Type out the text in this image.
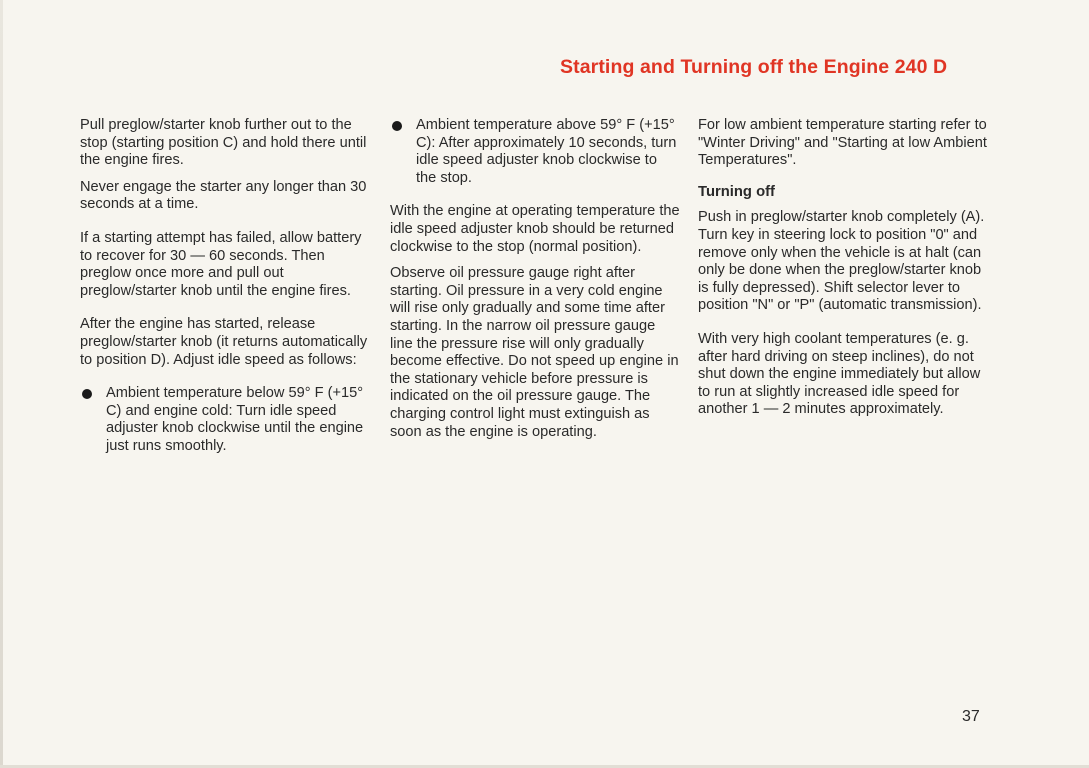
Starting and Turning off the Engine 240 D

Pull preglow/starter knob further out to the stop (starting position C) and hold there until the engine fires.

Never engage the starter any longer than 30 seconds at a time.

If a starting attempt has failed, allow battery to recover for 30 — 60 seconds. Then preglow once more and pull out preglow/starter knob until the engine fires.

After the engine has started, release preglow/starter knob (it returns automatically to position D). Adjust idle speed as follows:

Ambient temperature below 59° F (+15° C) and engine cold: Turn idle speed adjuster knob clockwise until the engine just runs smoothly.
Ambient temperature above 59° F (+15° C): After approximately 10 seconds, turn idle speed adjuster knob clockwise to the stop.

With the engine at operating temperature the idle speed adjuster knob should be returned clockwise to the stop (normal position).

Observe oil pressure gauge right after starting. Oil pressure in a very cold engine will rise only gradually and some time after starting. In the narrow oil pressure gauge line the pressure rise will only gradually become effective. Do not speed up engine in the stationary vehicle before pressure is indicated on the oil pressure gauge. The charging control light must extinguish as soon as the engine is operating.

For low ambient temperature starting refer to "Winter Driving" and "Starting at low Ambient Temperatures".

Turning off

Push in preglow/starter knob completely (A). Turn key in steering lock to position "0" and remove only when the vehicle is at halt (can only be done when the preglow/starter knob is fully depressed). Shift selector lever to position "N" or "P" (automatic transmission).

With very high coolant temperatures (e. g. after hard driving on steep inclines), do not shut down the engine immediately but allow to run at slightly increased idle speed for another 1 — 2 minutes approximately.

37
